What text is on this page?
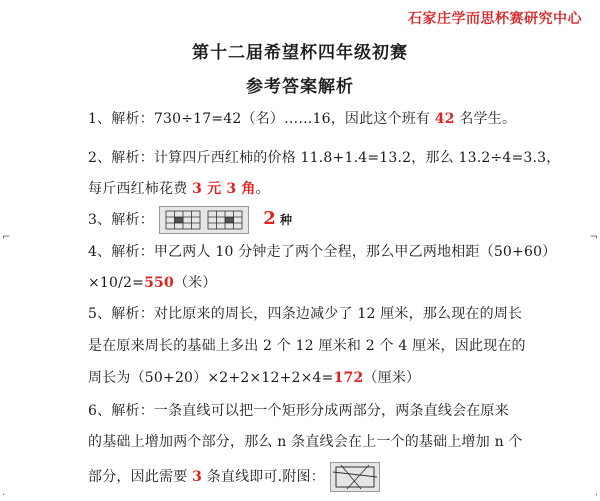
石家庄学而思杯赛研究中心
第十二届希望杯四年级初赛
参考答案解析
1、解析：730÷17=42（名）……16，因此这个班有 42 名学生。
2、解析：计算四斤西红柿的价格 11.8+1.4=13.2，那么 13.2÷4=3.3，
每斤西红柿花费 3 元 3 角。
3、解析：	2 种
4、解析：甲乙两人 10 分钟走了两个全程，那么甲乙两地相距（50+60）
×10/2=550（米）
5、解析：对比原来的周长，四条边减少了 12 厘米，那么现在的周长
是在原来周长的基础上多出 2 个 12 厘米和 2 个 4 厘米，因此现在的
周长为（50+20）×2+2×12+2×4=172（厘米）
6、解析：一条直线可以把一个矩形分成两部分，两条直线会在原来
的基础上增加两个部分，那么 n 条直线会在上一个的基础上增加 n 个
部分，因此需要 3 条直线即可.附图：
⌐	¬
·	·
